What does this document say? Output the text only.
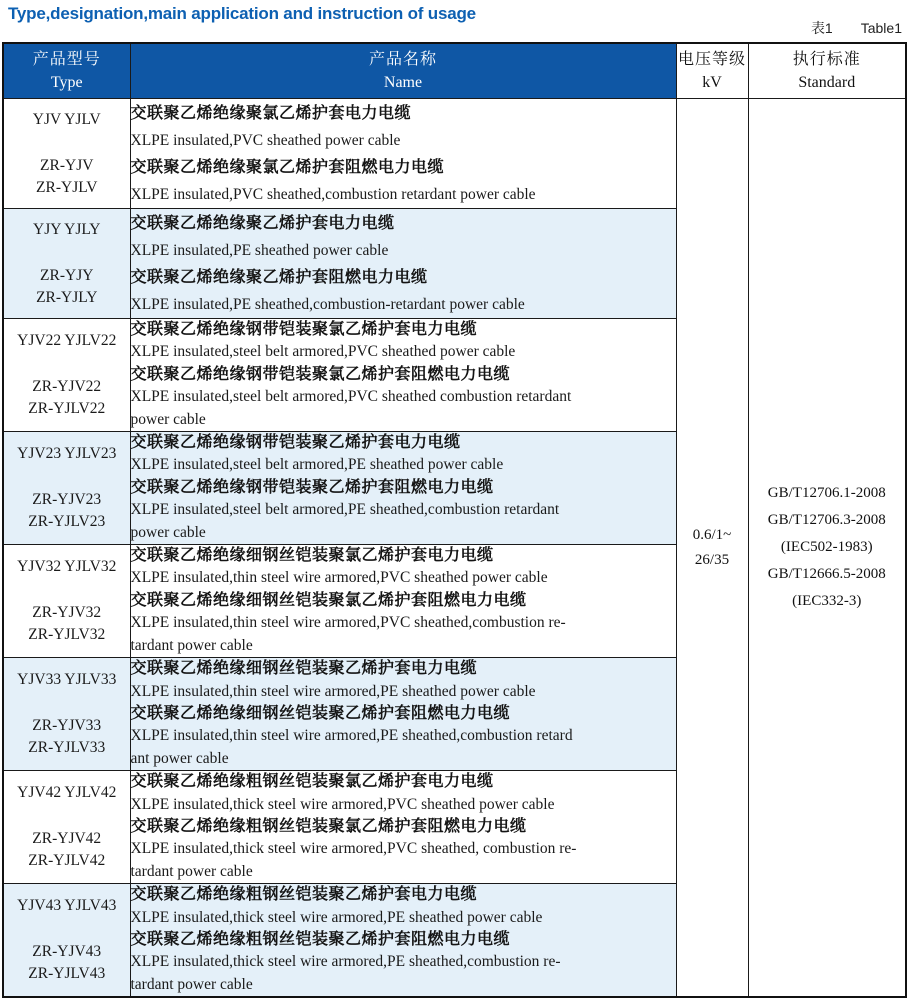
Type,designation,main application and instruction of usage
表1 Table1
产品型号
Type

产品名称
Name

电压等级
kV

执行标准
Standard

YJV YJLV
ZR-YJV
ZR-YJLV

交联聚乙烯绝缘聚氯乙烯护套电力电缆
XLPE insulated,PVC sheathed power cable
交联聚乙烯绝缘聚氯乙烯护套阻燃电力电缆
XLPE insulated,PVC sheathed,combustion retardant power cable

0.6/1~
26/35

GB/T12706.1-2008
GB/T12706.3-2008
(IEC502-1983)
GB/T12666.5-2008
(IEC332-3)

YJY YJLY
ZR-YJY
ZR-YJLY

交联聚乙烯绝缘聚乙烯护套电力电缆
XLPE insulated,PE sheathed power cable
交联聚乙烯绝缘聚乙烯护套阻燃电力电缆
XLPE insulated,PE sheathed,combustion-retardant power cable

YJV22 YJLV22
ZR-YJV22
ZR-YJLV22

交联聚乙烯绝缘钢带铠装聚氯乙烯护套电力电缆
XLPE insulated,steel belt armored,PVC sheathed power cable
交联聚乙烯绝缘钢带铠装聚氯乙烯护套阻燃电力电缆
XLPE insulated,steel belt armored,PVC sheathed combustion retardant
power cable

YJV23 YJLV23
ZR-YJV23
ZR-YJLV23

交联聚乙烯绝缘钢带铠装聚乙烯护套电力电缆
XLPE insulated,steel belt armored,PE sheathed power cable
交联聚乙烯绝缘钢带铠装聚乙烯护套阻燃电力电缆
XLPE insulated,steel belt armored,PE sheathed,combustion retardant
power cable

YJV32 YJLV32
ZR-YJV32
ZR-YJLV32

交联聚乙烯绝缘细钢丝铠装聚氯乙烯护套电力电缆
XLPE insulated,thin steel wire armored,PVC sheathed power cable
交联聚乙烯绝缘细钢丝铠装聚氯乙烯护套阻燃电力电缆
XLPE insulated,thin steel wire armored,PVC sheathed,combustion re-
tardant power cable

YJV33 YJLV33
ZR-YJV33
ZR-YJLV33

交联聚乙烯绝缘细钢丝铠装聚乙烯护套电力电缆
XLPE insulated,thin steel wire armored,PE sheathed power cable
交联聚乙烯绝缘细钢丝铠装聚乙烯护套阻燃电力电缆
XLPE insulated,thin steel wire armored,PE sheathed,combustion retard
ant power cable

YJV42 YJLV42
ZR-YJV42
ZR-YJLV42

交联聚乙烯绝缘粗钢丝铠装聚氯乙烯护套电力电缆
XLPE insulated,thick steel wire armored,PVC sheathed power cable
交联聚乙烯绝缘粗钢丝铠装聚氯乙烯护套阻燃电力电缆
XLPE insulated,thick steel wire armored,PVC sheathed, combustion re-
tardant power cable

YJV43 YJLV43
ZR-YJV43
ZR-YJLV43

交联聚乙烯绝缘粗钢丝铠装聚乙烯护套电力电缆
XLPE insulated,thick steel wire armored,PE sheathed power cable
交联聚乙烯绝缘粗钢丝铠装聚乙烯护套阻燃电力电缆
XLPE insulated,thick steel wire armored,PE sheathed,combustion re-
tardant power cable
